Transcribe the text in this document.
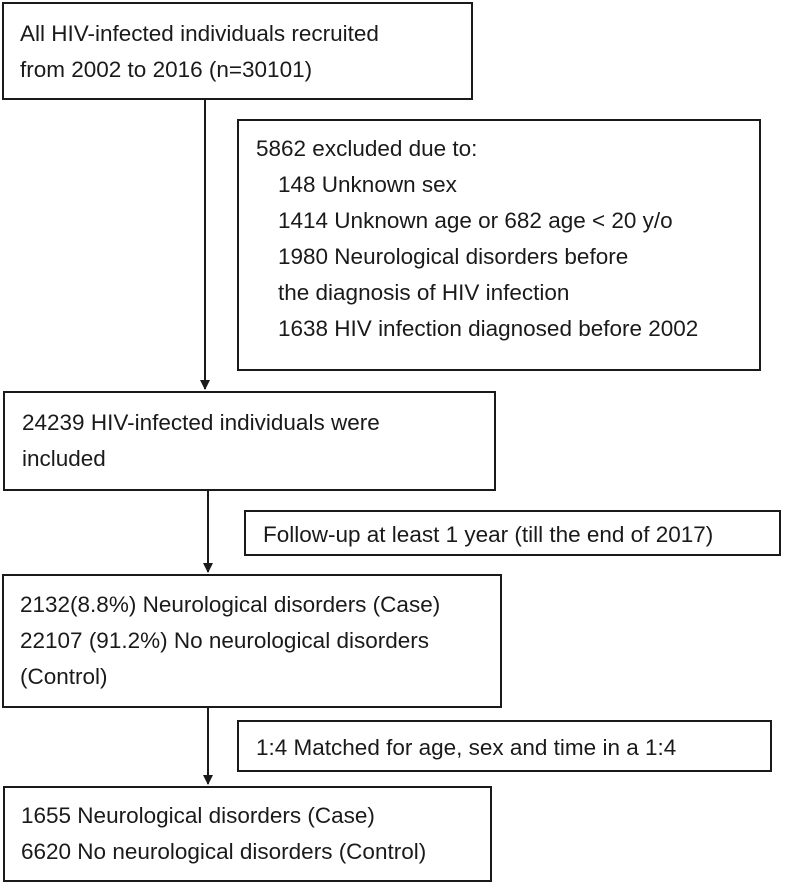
All HIV-infected individuals recruited
from 2002 to 2016 (n=30101)
5862 excluded due to:
148 Unknown sex
1414 Unknown age or 682 age < 20 y/o
1980 Neurological disorders before
the diagnosis of HIV infection
1638 HIV infection diagnosed before 2002
24239 HIV-infected individuals were
included
Follow-up at least 1 year (till the end of 2017)
2132(8.8%) Neurological disorders (Case)
22107 (91.2%) No neurological disorders
(Control)
1:4 Matched for age, sex and time in a 1:4
1655 Neurological disorders (Case)
6620 No neurological disorders (Control)
